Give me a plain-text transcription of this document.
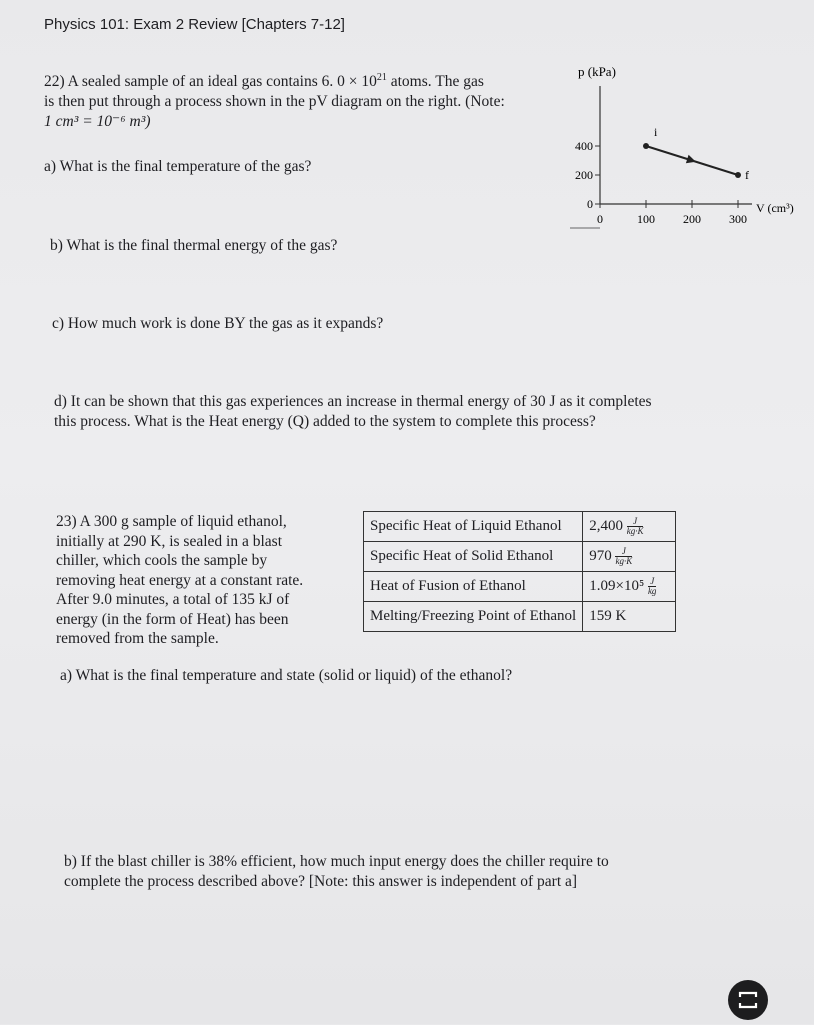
Physics 101: Exam 2 Review [Chapters 7-12]
22) A sealed sample of an ideal gas contains 6. $0 \times 10^{21}$ atoms. The gas
is then put through a process shown in the pV diagram on the right. (Note:
1 cm³ = 10⁻⁶ m³)
a) What is the final temperature of the gas?
b) What is the final thermal energy of the gas?
c) How much work is done BY the gas as it expands?
d) It can be shown that this gas experiences an increase in thermal energy of 30 J as it completes
this process. What is the Heat energy (Q) added to the system to complete this process?
p (kPa)
V (cm³)
0	100 200 300
0
200
400
i
f
23) A 300 g sample of liquid ethanol,
initially at 290 K, is sealed in a blast
chiller, which cools the sample by
removing heat energy at a constant rate.
After 9.0 minutes, a total of 135 kJ of
energy (in the form of Heat) has been
removed from the sample.
Specific Heat of Liquid Ethanol	$2,400 \frac{J}{kg\cdot K}$

Specific Heat of Solid Ethanol	$970 \frac{J}{kg\cdot K}$

Heat of Fusion of Ethanol	$1.09\times 10^5 \frac{J}{kg}$

Melting/Freezing Point of Ethanol	159 K
a) What is the final temperature and state (solid or liquid) of the ethanol?
b) If the blast chiller is 38% efficient, how much input energy does the chiller require to
complete the process described above? [Note: this answer is independent of part a]
